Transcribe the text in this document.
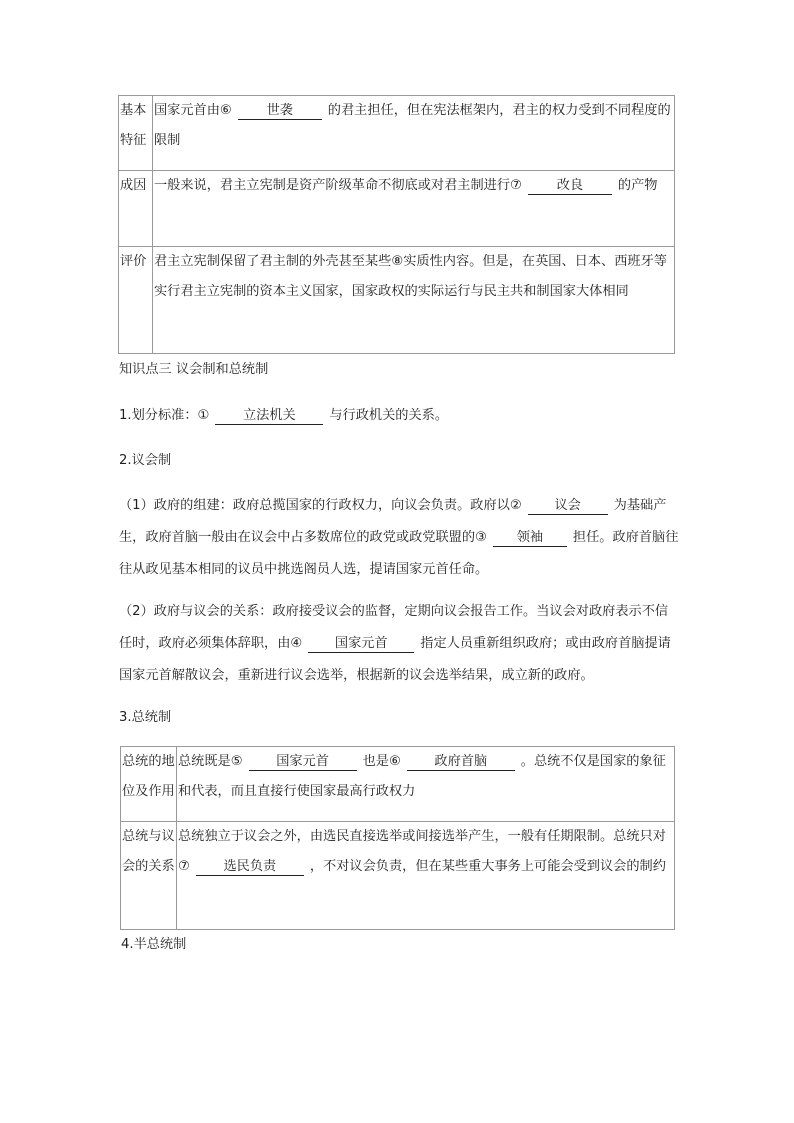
基本特征	国家元首由⑥ 世袭 的君主担任，但在宪法框架内，君主的权力受到不同程度的限制
成因	一般来说，君主立宪制是资产阶级革命不彻底或对君主制进行⑦ 改良 的产物
评价	君主立宪制保留了君主制的外壳甚至某些⑧实质性内容。但是，在英国、日本、西班牙等实行君主立宪制的资本主义国家，国家政权的实际运行与民主共和制国家大体相同
知识点三 议会制和总统制
1.划分标准：①	立法机关	与行政机关的关系。
2.议会制
（1）政府的组建：政府总揽国家的行政权力，向议会负责。政府以② 议会 为基础产生，政府首脑一般由在议会中占多数席位的政党或政党联盟的③ 领袖 担任。政府首脑往往从政见基本相同的议员中挑选阁员人选，提请国家元首任命。
（2）政府与议会的关系：政府接受议会的监督，定期向议会报告工作。当议会对政府表示不信任时，政府必须集体辞职，由④ 国家元首 指定人员重新组织政府；或由政府首脑提请国家元首解散议会，重新进行议会选举，根据新的议会选举结果，成立新的政府。
3.总统制
总统的地位及作用	总统既是⑤ 国家元首 也是⑥ 政府首脑 。总统不仅是国家的象征和代表，而且直接行使国家最高行政权力
总统与议会的关系	总统独立于议会之外，由选民直接选举或间接选举产生，一般有任期限制。总统只对⑦ 选民负责 ，不对议会负责，但在某些重大事务上可能会受到议会的制约
4.半总统制
